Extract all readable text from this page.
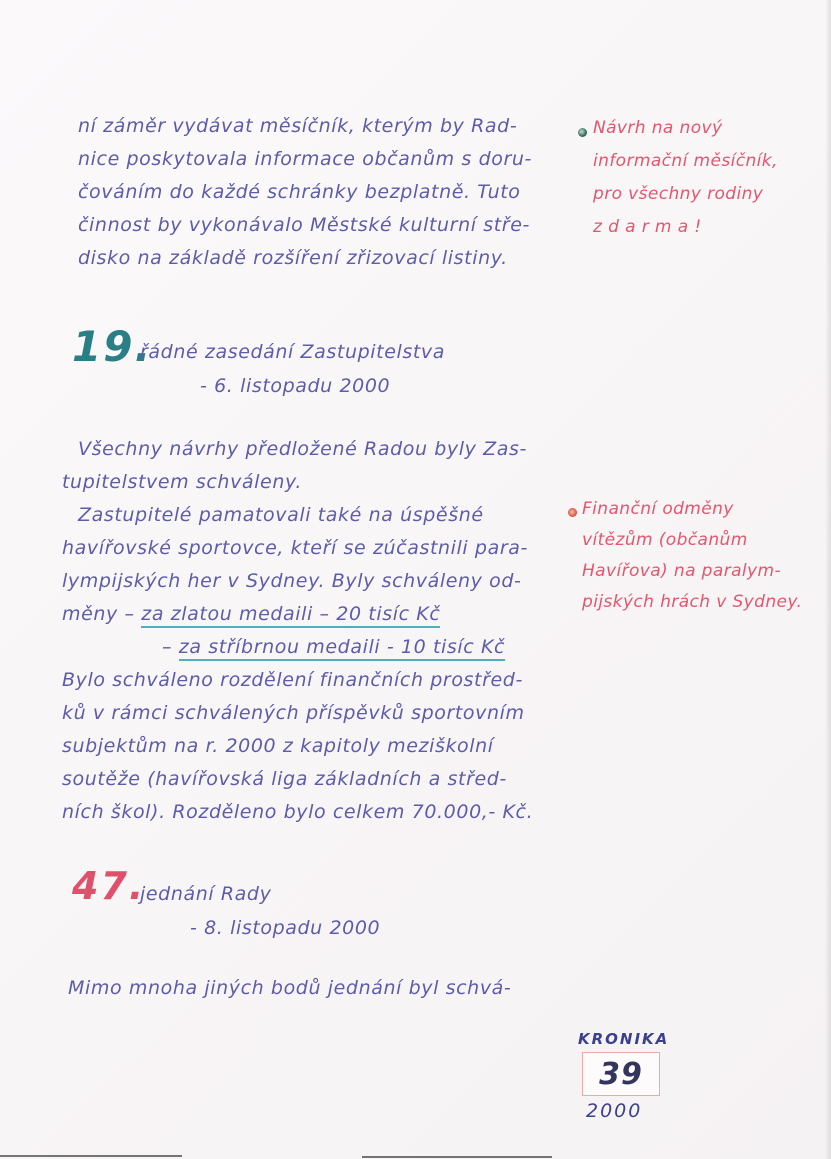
ní záměr vydávat měsíčník, kterým by Rad-
nice poskytovala informace občanům s doru-
čováním do každé schránky bezplatně. Tuto
činnost by vykonávalo Městské kulturní stře-
disko na základě rozšíření zřizovací listiny.
Návrh na nový
informační měsíčník,
pro všechny rodiny
z d a r m a !
19.
řádné zasedání Zastupitelstva
- 6. listopadu 2000
Všechny návrhy předložené Radou byly Zas-
tupitelstvem schváleny.
Zastupitelé pamatovali také na úspěšné
havířovské sportovce, kteří se zúčastnili para-
lympijských her v Sydney. Byly schváleny od-
měny – za zlatou medaili – 20 tisíc Kč
– za stříbrnou medaili - 10 tisíc Kč
Bylo schváleno rozdělení finančních prostřed-
ků v rámci schválených příspěvků sportovním
subjektům na r. 2000 z kapitoly meziškolní
soutěže (havířovská liga základních a střed-
ních škol). Rozděleno bylo celkem 70.000,- Kč.
Finanční odměny
vítězům (občanům
Havířova) na paralym-
pijských hrách v Sydney.
47.
jednání Rady
- 8. listopadu 2000
Mimo mnoha jiných bodů jednání byl schvá-
KRONIKA
39
2000
